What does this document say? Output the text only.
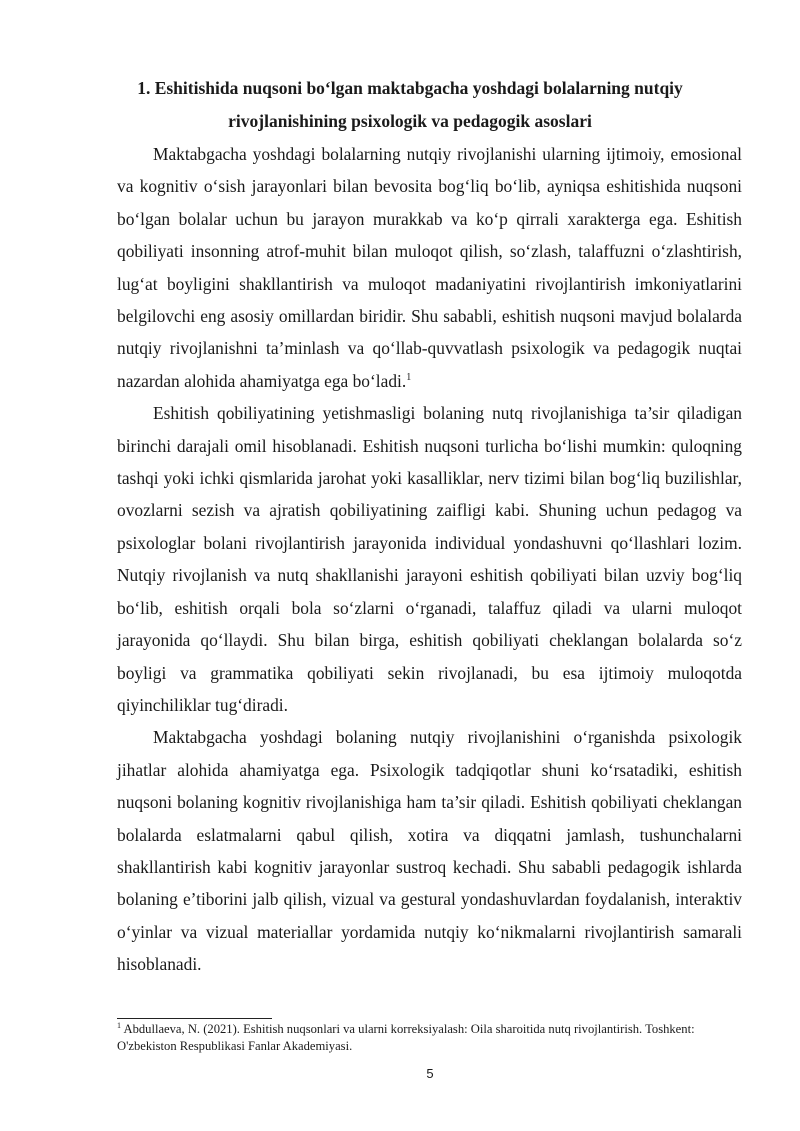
1. Eshitishida nuqsoni bo‘lgan maktabgacha yoshdagi bolalarning nutqiy
rivojlanishining psixologik va pedagogik asoslari

Maktabgacha yoshdagi bolalarning nutqiy rivojlanishi ularning ijtimoiy, emosional va kognitiv o‘sish jarayonlari bilan bevosita bog‘liq bo‘lib, ayniqsa eshitishida nuqsoni bo‘lgan bolalar uchun bu jarayon murakkab va ko‘p qirrali xarakterga ega. Eshitish qobiliyati insonning atrof-muhit bilan muloqot qilish, so‘zlash, talaffuzni o‘zlashtirish, lug‘at boyligini shakllantirish va muloqot madaniyatini rivojlantirish imkoniyatlarini belgilovchi eng asosiy omillardan biridir. Shu sababli, eshitish nuqsoni mavjud bolalarda nutqiy rivojlanishni ta’minlash va qo‘llab-quvvatlash psixologik va pedagogik nuqtai nazardan alohida ahamiyatga ega bo‘ladi.$^1$

Eshitish qobiliyatining yetishmasligi bolaning nutq rivojlanishiga ta’sir qiladigan birinchi darajali omil hisoblanadi. Eshitish nuqsoni turlicha bo‘lishi mumkin: quloqning tashqi yoki ichki qismlarida jarohat yoki kasalliklar, nerv tizimi bilan bog‘liq buzilishlar, ovozlarni sezish va ajratish qobiliyatining zaifligi kabi. Shuning uchun pedagog va psixologlar bolani rivojlantirish jarayonida individual yondashuvni qo‘llashlari lozim. Nutqiy rivojlanish va nutq shakllanishi jarayoni eshitish qobiliyati bilan uzviy bog‘liq bo‘lib, eshitish orqali bola so‘zlarni o‘rganadi, talaffuz qiladi va ularni muloqot jarayonida qo‘llaydi. Shu bilan birga, eshitish qobiliyati cheklangan bolalarda so‘z boyligi va grammatika qobiliyati sekin rivojlanadi, bu esa ijtimoiy muloqotda qiyinchiliklar tug‘diradi.

Maktabgacha yoshdagi bolaning nutqiy rivojlanishini o‘rganishda psixologik jihatlar alohida ahamiyatga ega. Psixologik tadqiqotlar shuni ko‘rsatadiki, eshitish nuqsoni bolaning kognitiv rivojlanishiga ham ta’sir qiladi. Eshitish qobiliyati cheklangan bolalarda eslatmalarni qabul qilish, xotira va diqqatni jamlash, tushunchalarni shakllantirish kabi kognitiv jarayonlar sustroq kechadi. Shu sababli pedagogik ishlarda bolaning e’tiborini jalb qilish, vizual va gestural yondashuvlardan foydalanish, interaktiv o‘yinlar va vizual materiallar yordamida nutqiy ko‘nikmalarni rivojlantirish samarali hisoblanadi.

$^1$ Abdullaeva, N. (2021). Eshitish nuqsonlari va ularni korreksiyalash: Oila sharoitida nutq rivojlantirish. Toshkent: O'zbekiston Respublikasi Fanlar Akademiyasi.
5
